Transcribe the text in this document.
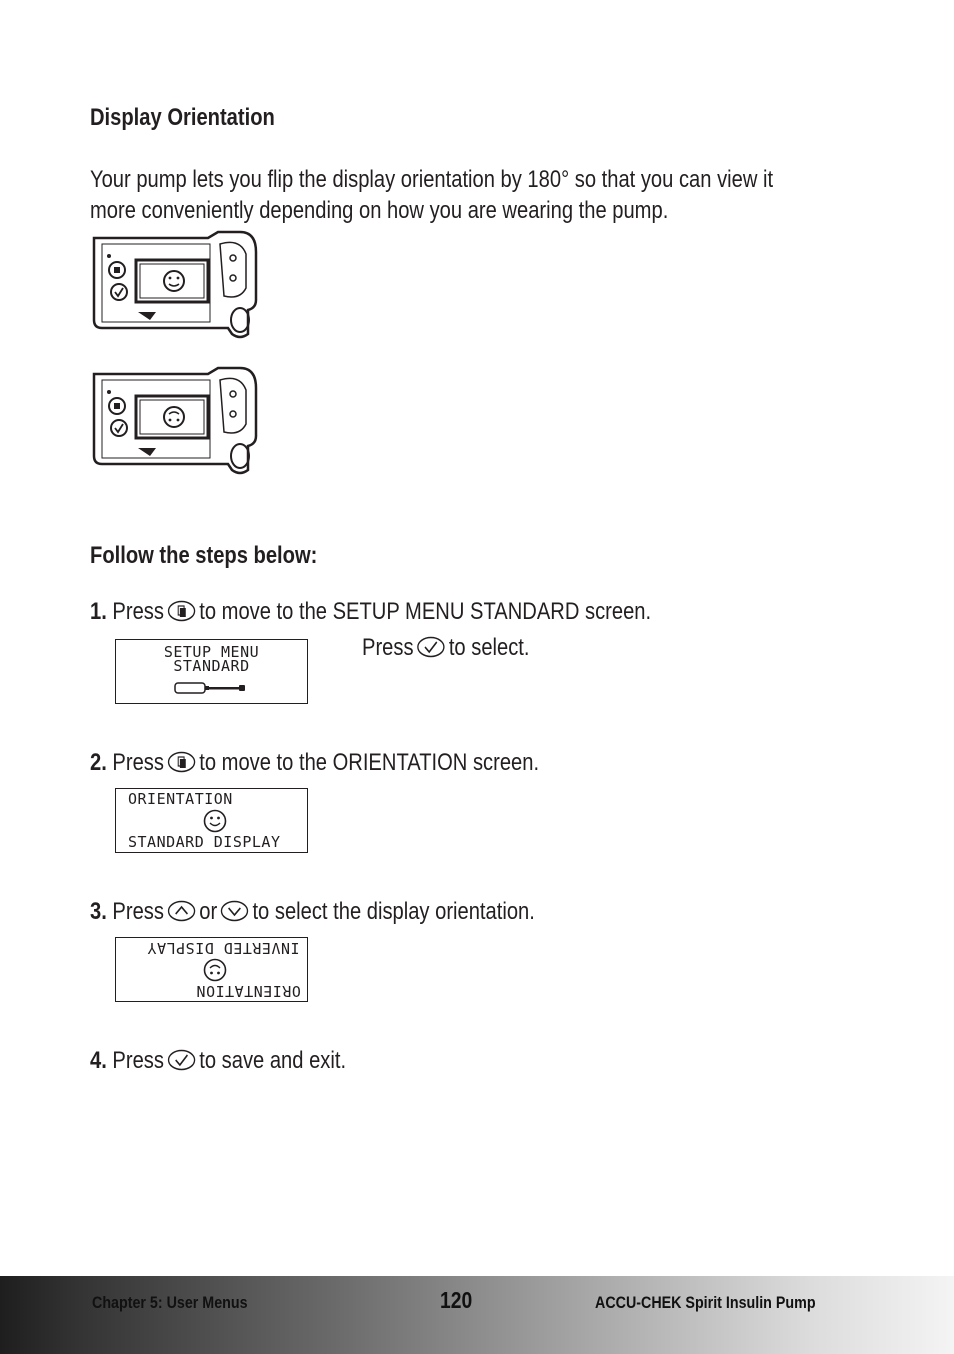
Display Orientation
Your pump lets you flip the display orientation by 180° so that you can view it more conveniently depending on how you are wearing the pump.
Follow the steps below:
1. Press to move to the SETUP MENU STANDARD screen.
SETUP MENU
STANDARD
Press to select.
2. Press to move to the ORIENTATION screen.
ORIENTATION
STANDARD DISPLAY
3. Press or to select the display orientation.
INVERTED DISPLAY
ORIENTATION
4. Press to save and exit.
Chapter 5: User Menus	120	ACCU-CHEK Spirit Insulin Pump
